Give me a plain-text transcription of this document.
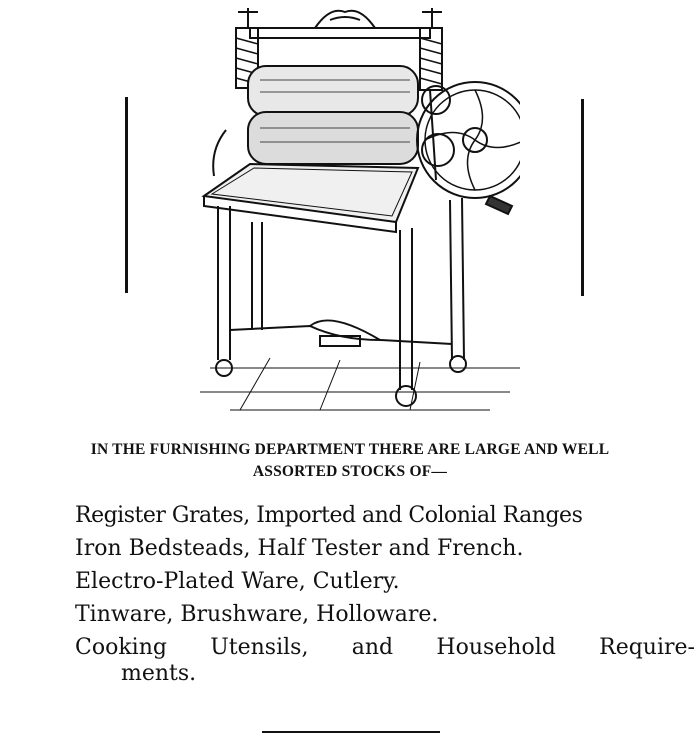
IN THE FURNISHING DEPARTMENT THERE ARE LARGE AND WELL
ASSORTED STOCKS OF—
Register Grates, Imported and Colonial Ranges
Iron Bedsteads, Half Tester and French.
Electro-Plated Ware, Cutlery.
Tinware, Brushware, Holloware.
Cooking Utensils, and Household Require-
ments.
